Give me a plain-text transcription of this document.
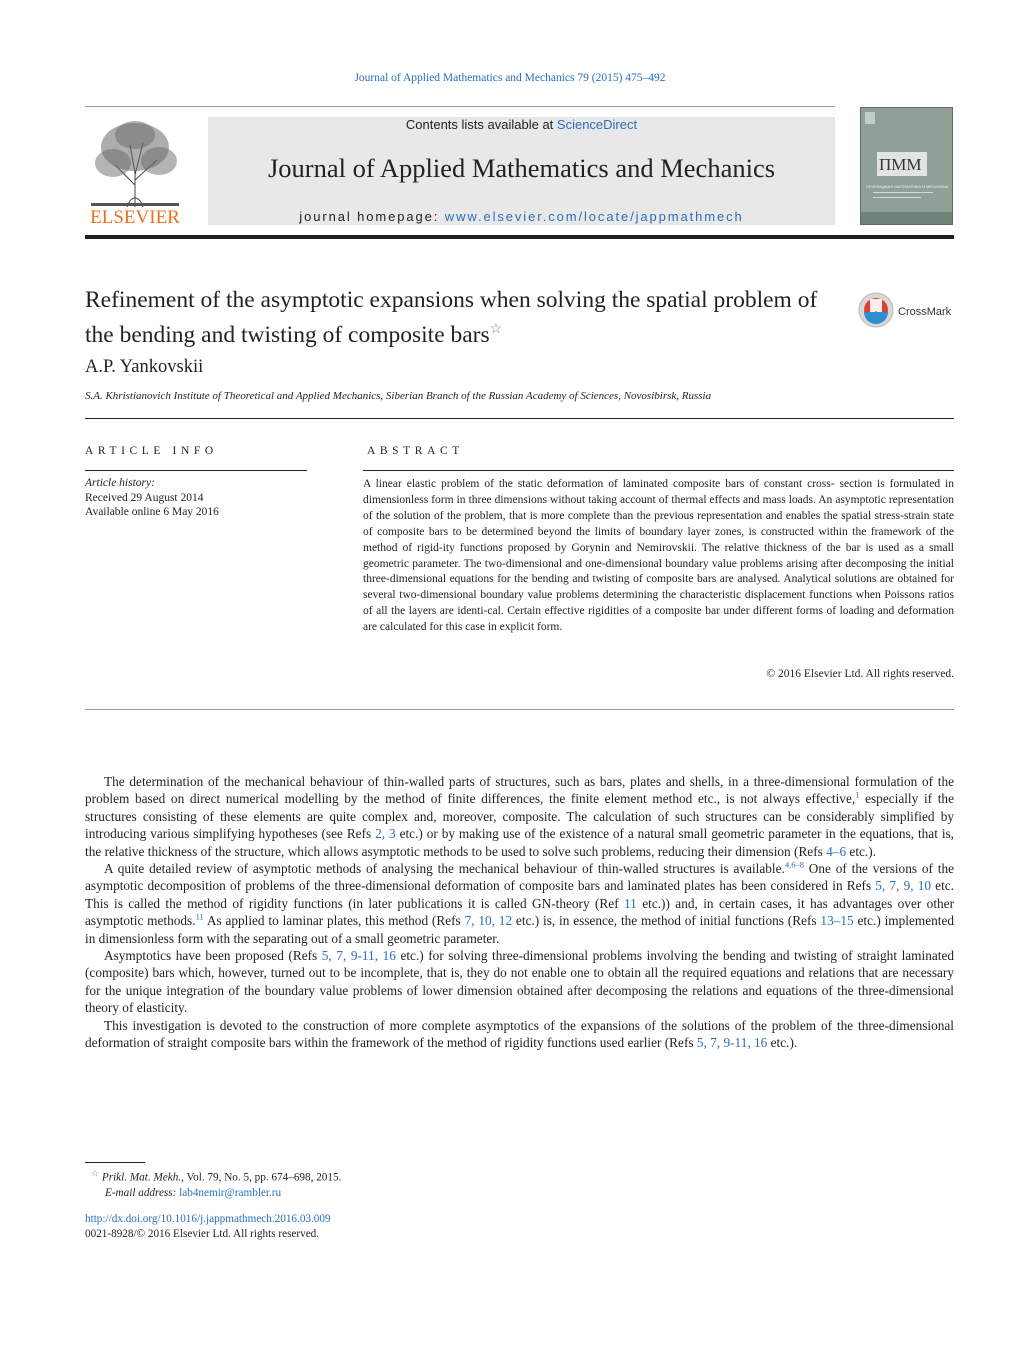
Journal of Applied Mathematics and Mechanics 79 (2015) 475–492
ELSEVIER
Contents lists available at ScienceDirect
Journal of Applied Mathematics and Mechanics
journal homepage: www.elsevier.com/locate/jappmathmech
ПММ
ПРИКЛАДНАЯ МАТЕМАТИКА И МЕХАНИКА
Refinement of the asymptotic expansions when solving the spatial problem of the bending and twisting of composite bars☆
CrossMark
A.P. Yankovskii
S.A. Khristianovich Institute of Theoretical and Applied Mechanics, Siberian Branch of the Russian Academy of Sciences, Novosibirsk, Russia
ARTICLE INFO
Article history:
Received 29 August 2014
Available online 6 May 2016
ABSTRACT
A linear elastic problem of the static deformation of laminated composite bars of constant cross- section is formulated in dimensionless form in three dimensions without taking account of thermal effects and mass loads. An asymptotic representation of the solution of the problem, that is more complete than the previous representation and enables the spatial stress-strain state of composite bars to be determined beyond the limits of boundary layer zones, is constructed within the framework of the method of rigid-ity functions proposed by Gorynin and Nemirovskii. The relative thickness of the bar is used as a small geometric parameter. The two-dimensional and one-dimensional boundary value problems arising after decomposing the initial three-dimensional equations for the bending and twisting of composite bars are analysed. Analytical solutions are obtained for several two-dimensional boundary value problems determining the characteristic displacement functions when Poissons ratios of all the layers are identi-cal. Certain effective rigidities of a composite bar under different forms of loading and deformation are calculated for this case in explicit form.
© 2016 Elsevier Ltd. All rights reserved.

The determination of the mechanical behaviour of thin-walled parts of structures, such as bars, plates and shells, in a three-dimensional formulation of the problem based on direct numerical modelling by the method of finite differences, the finite element method etc., is not always effective,$^1$ especially if the structures consisting of these elements are quite complex and, moreover, composite. The calculation of such structures can be considerably simplified by introducing various simplifying hypotheses (see Refs 2, 3 etc.) or by making use of the existence of a natural small geometric parameter in the equations, that is, the relative thickness of the structure, which allows asymptotic methods to be used to solve such problems, reducing their dimension (Refs 4–6 etc.).

A quite detailed review of asymptotic methods of analysing the mechanical behaviour of thin-walled structures is available.$^{4,6-8}$ One of the versions of the asymptotic decomposition of problems of the three-dimensional deformation of composite bars and laminated plates has been considered in Refs 5, 7, 9, 10 etc. This is called the method of rigidity functions (in later publications it is called GN-theory (Ref 11 etc.)) and, in certain cases, it has advantages over other asymptotic methods.$^{11}$ As applied to laminar plates, this method (Refs 7, 10, 12 etc.) is, in essence, the method of initial functions (Refs 13–15 etc.) implemented in dimensionless form with the separating out of a small geometric parameter.

Asymptotics have been proposed (Refs 5, 7, 9-11, 16 etc.) for solving three-dimensional problems involving the bending and twisting of straight laminated (composite) bars which, however, turned out to be incomplete, that is, they do not enable one to obtain all the required equations and relations that are necessary for the unique integration of the boundary value problems of lower dimension obtained after decomposing the relations and equations of the three-dimensional theory of elasticity.

This investigation is devoted to the construction of more complete asymptotics of the expansions of the solutions of the problem of the three-dimensional deformation of straight composite bars within the framework of the method of rigidity functions used earlier (Refs 5, 7, 9-11, 16 etc.).

☆ Prikl. Mat. Mekh., Vol. 79, No. 5, pp. 674–698, 2015.
E-mail address: lab4nemir@rambler.ru
http://dx.doi.org/10.1016/j.jappmathmech.2016.03.009
0021-8928/© 2016 Elsevier Ltd. All rights reserved.
